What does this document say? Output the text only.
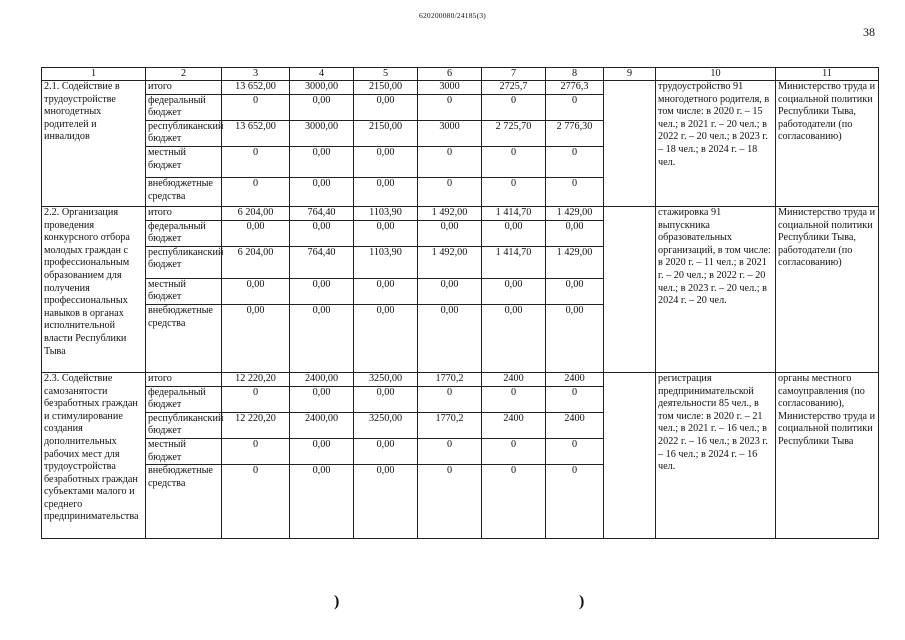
620200080/24185(3)
38
1	2	3	4	5	6	7	8	9	10	11
2.1. Содействие в трудоустройстве многодетных родителей и инвалидов	итого	13 652,00	3000,00	2150,00	3000	2725,7	2776,3		трудоустройство 91 многодетного родителя, в том числе: в 2020 г. – 15 чел.; в 2021 г. – 20 чел.; в 2022 г. – 20 чел.; в 2023 г. – 18 чел.; в 2024 г. – 18 чел.	Министерство труда и социальной политики Республики Тыва, работодатели (по согласованию)
	федеральный бюджет	0	0,00	0,00	0	0	0			
	республиканский бюджет	13 652,00	3000,00	2150,00	3000	2 725,70	2 776,30			
	местный бюджет	0	0,00	0,00	0	0	0			
	внебюджетные средства	0	0,00	0,00	0	0	0			
2.2. Организация проведения конкурсного отбора молодых граждан с профессиональным образованием для получения профессиональных навыков в органах исполнительной власти Республики Тыва	итого	6 204,00	764,40	1103,90	1 492,00	1 414,70	1 429,00		стажировка 91 выпускника образовательных организаций, в том числе: в 2020 г. – 11 чел.; в 2021 г. – 20 чел.; в 2022 г. – 20 чел.; в 2023 г. – 20 чел.; в 2024 г. – 20 чел.	Министерство труда и социальной политики Республики Тыва, работодатели (по согласованию)
	федеральный бюджет	0,00	0,00	0,00	0,00	0,00	0,00			
	республиканский бюджет	6 204,00	764,40	1103,90	1 492,00	1 414,70	1 429,00			
	местный бюджет	0,00	0,00	0,00	0,00	0,00	0,00			
	внебюджетные средства	0,00	0,00	0,00	0,00	0,00	0,00			
2.3. Содействие самозанятости безработных граждан и стимулирование создания дополнительных рабочих мест для трудоустройства безработных граждан субъектами малого и среднего предпринимательства	итого	12 220,20	2400,00	3250,00	1770,2	2400	2400		регистрация предпринимательской деятельности 85 чел., в том числе: в 2020 г. – 21 чел.; в 2021 г. – 16 чел.; в 2022 г. – 16 чел.; в 2023 г. – 16 чел.; в 2024 г. – 16 чел.	органы местного самоуправления (по согласованию), Министерство труда и социальной политики Республики Тыва
	федеральный бюджет	0	0,00	0,00	0	0	0			
	республиканский бюджет	12 220,20	2400,00	3250,00	1770,2	2400	2400			
	местный бюджет	0	0,00	0,00	0	0	0			
	внебюджетные средства	0	0,00	0,00	0	0	0			
)	)
